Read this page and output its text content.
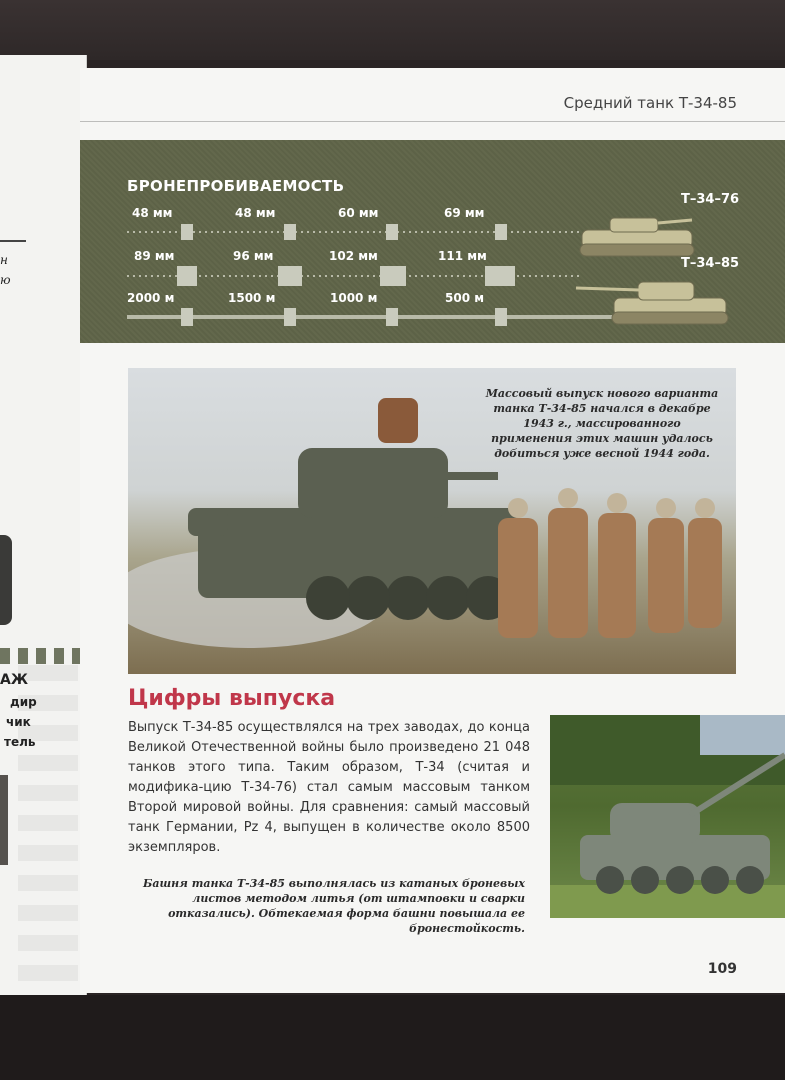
н
ю
АЖ
дир
чик
тель
Средний танк Т-34-85
БРОНЕПРОБИВАЕМОСТЬ
Т–34–76
Т–34–85
48 мм	48 мм	60 мм	69 мм
89 мм	96 мм	102 мм	111 мм
2000 м	1500 м	1000 м	500 м
Массовый выпуск нового варианта танка Т-34-85 начался в декабре 1943 г., массированного применения этих машин удалось добиться уже весной 1944 года.
Цифры выпуска
Выпуск Т-34-85 осуществлялся на трех заводах, до конца Великой Отечественной войны было произведено 21 048 танков этого типа. Таким образом, Т-34 (считая и модифика-цию Т-34-76) стал самым массовым танком Второй мировой войны. Для сравнения: самый массовый танк Германии, Pz 4, выпущен в количестве около 8500 экземпляров.
Башня танка Т-34-85 выполнялась из катаных броневых листов методом литья (от штамповки и сварки отказались). Обтекаемая форма башни повышала ее бронестойкость.
109
